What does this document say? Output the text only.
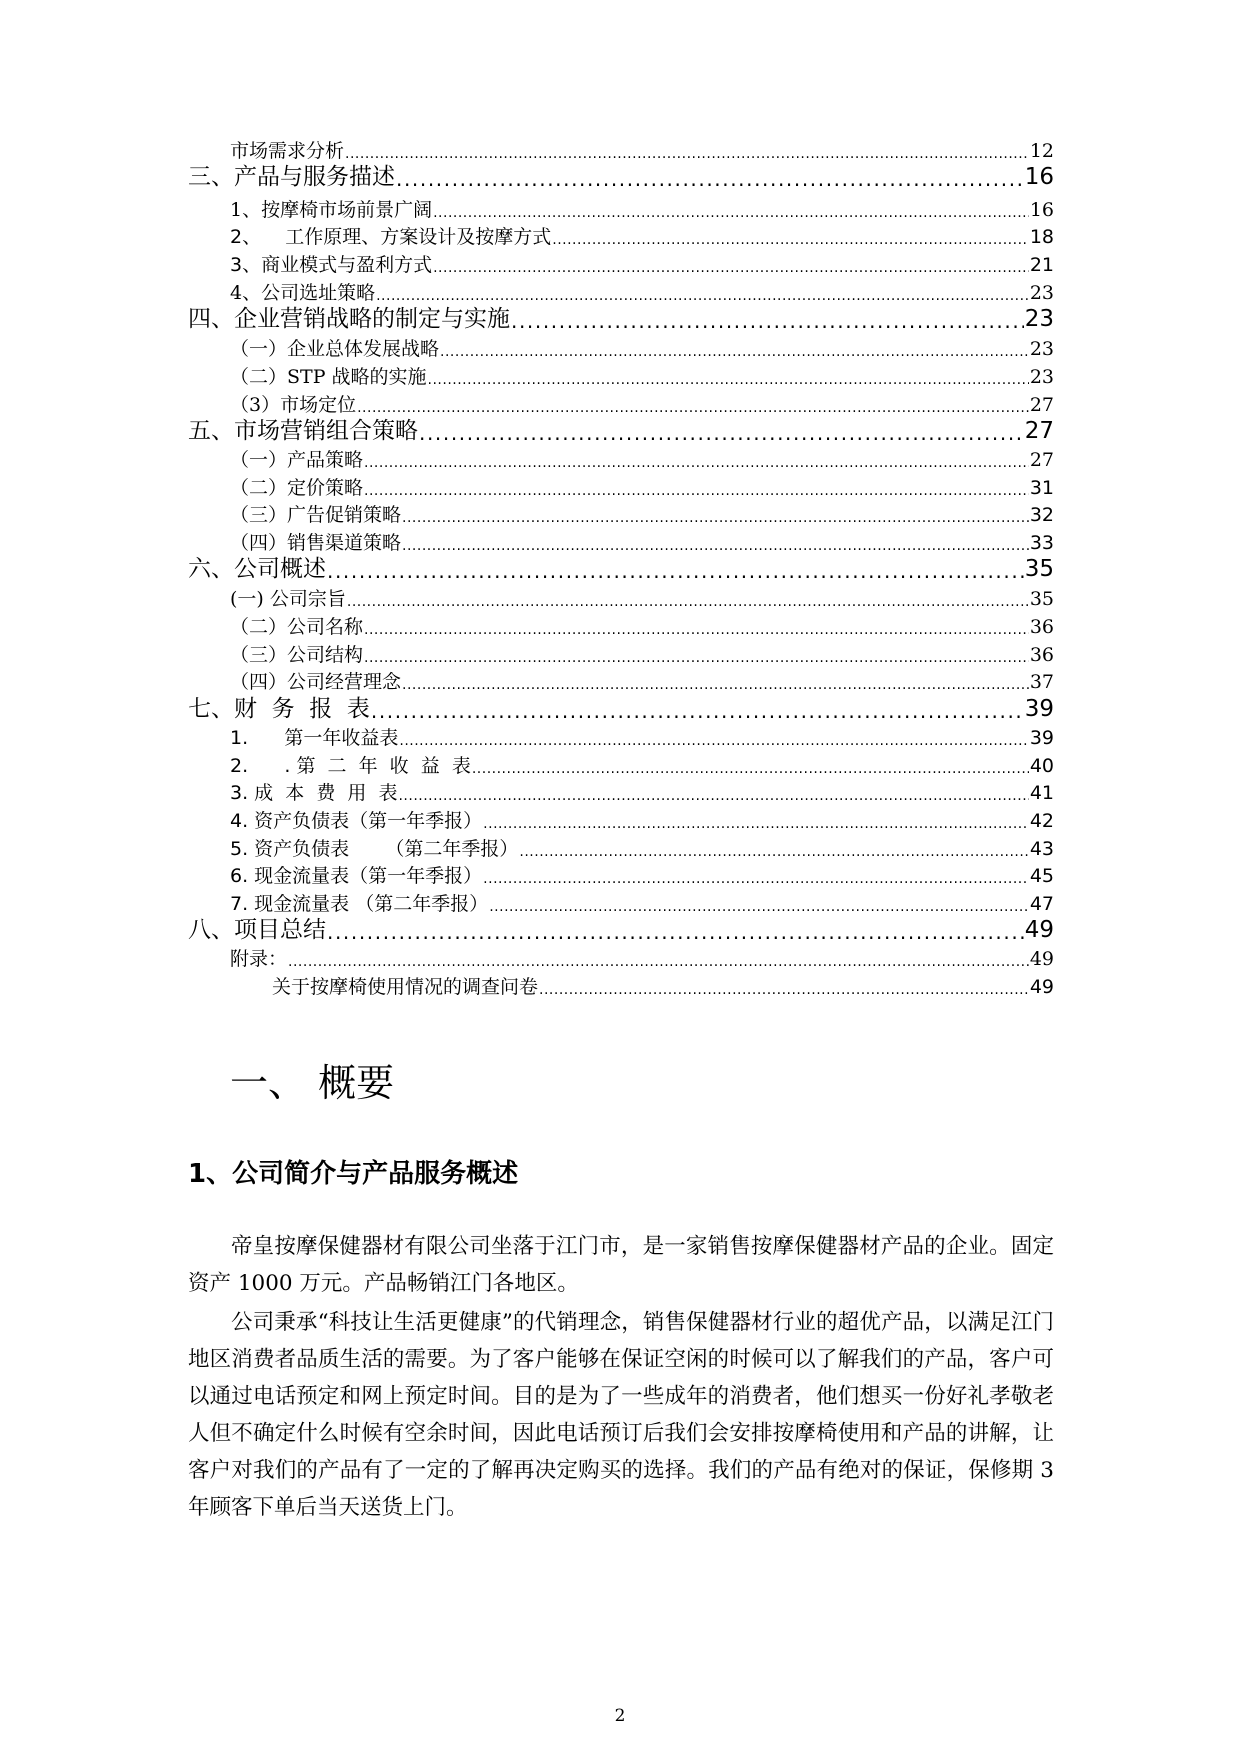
市场需求分析 .....	12
三、产品与服务描述 .....	16
1、按摩椅市场前景广阔 .....	16
2、    工作原理、方案设计及按摩方式 .....	18
3、商业模式与盈利方式 .....	21
4、公司选址策略 .....	23
四、企业营销战略的制定与实施 .....	23
（一）企业总体发展战略 .....	23
（二）STP 战略的实施 .....	23
（3）市场定位 .....	27
五、市场营销组合策略 .....	27
（一）产品策略 .....	27
（二）定价策略 .....	31
（三）广告促销策略 .....	32
（四）销售渠道策略 .....	33
六、公司概述 .....	35
(一) 公司宗旨 .....	35
（二）公司名称 .....	36
（三）公司结构 .....	36
（四）公司经营理念 .....	37
七、财  务  报  表 .....	39
1.      第一年收益表 .....	39
2.      . 第  二  年  收  益  表 .....	40
3. 成  本  费  用  表 .....	41
4. 资产负债表（第一年季报） .....	42
5. 资产负债表      （第二年季报） .....	43
6. 现金流量表（第一年季报） .....	45
7. 现金流量表 （第二年季报） .....	47
八、项目总结 .....	49
附录： .....	49
关于按摩椅使用情况的调查问卷 .....	49
一、 概要
1、公司简介与产品服务概述

帝皇按摩保健器材有限公司坐落于江门市，是一家销售按摩保健器材产品的企业。固定资产 1000 万元。产品畅销江门各地区。

公司秉承“科技让生活更健康”的代销理念，销售保健器材行业的超优产品，以满足江门地区消费者品质生活的需要。为了客户能够在保证空闲的时候可以了解我们的产品，客户可以通过电话预定和网上预定时间。目的是为了一些成年的消费者，他们想买一份好礼孝敬老人但不确定什么时候有空余时间，因此电话预订后我们会安排按摩椅使用和产品的讲解，让客户对我们的产品有了一定的了解再决定购买的选择。我们的产品有绝对的保证，保修期 3 年顾客下单后当天送货上门。

2
